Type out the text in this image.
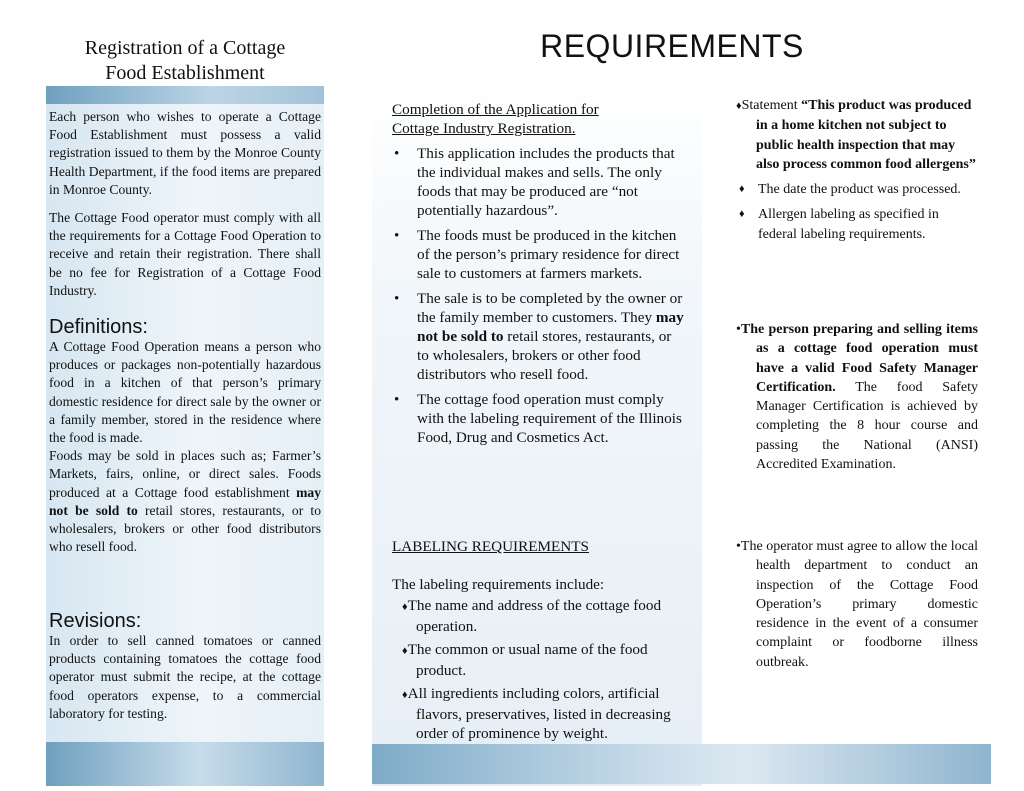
Registration of a Cottage
Food Establishment

Each person who wishes to operate a Cottage Food Establishment must possess a valid registration issued to them by the Monroe County Health Department, if the food items are prepared in Monroe County.

The Cottage Food operator must comply with all the requirements for a Cottage Food Operation to receive and retain their registration. There shall be no fee for Registration of a Cottage Food Industry.

Definitions:
A Cottage Food Operation means a person who produces or packages non-potentially hazardous food in a kitchen of that person’s primary domestic residence for direct sale by the owner or a family member, stored in the residence where the food is made.
Foods may be sold in places such as; Farmer’s Markets, fairs, online, or direct sales. Foods produced at a Cottage food establishment may not be sold to retail stores, restaurants, or to wholesalers, brokers or other food distributors who resell food.
Revisions:
In order to sell canned tomatoes or canned products containing tomatoes the cottage food operator must submit the recipe, at the cottage food operators expense, to a commercial laboratory for testing.
REQUIREMENTS
Completion of the Application for
Cottage Industry Registration.
• This application includes the products that the individual makes and sells. The only foods that may be produced are “not potentially hazardous”.
• The foods must be produced in the kitchen of the person’s primary residence for direct sale to customers at farmers markets.
• The sale is to be completed by the owner or the family member to customers. They may not be sold to retail stores, restaurants, or to wholesalers, brokers or other food distributors who resell food.
• The cottage food operation must comply with the labeling requirement of the Illinois Food, Drug and Cosmetics Act.
LABELING REQUIREMENTS
The labeling requirements include:
♦The name and address of the cottage food operation.
♦The common or usual name of the food product.
♦All ingredients including colors, artificial flavors, preservatives, listed in decreasing order of prominence by weight.

♦Statement “This product was produced in a home kitchen not subject to public health inspection that may also process common food allergens”

♦ The date the product was processed.

♦ Allergen labeling as specified in federal labeling requirements.

•The person preparing and selling items as a cottage food operation must have a valid Food Safety Manager Certification. The food Safety Manager Certification is achieved by completing the 8 hour course and passing the National (ANSI) Accredited Examination.

•The operator must agree to allow the local health department to conduct an inspection of the Cottage Food Operation’s primary domestic residence in the event of a consumer complaint or foodborne illness outbreak.
